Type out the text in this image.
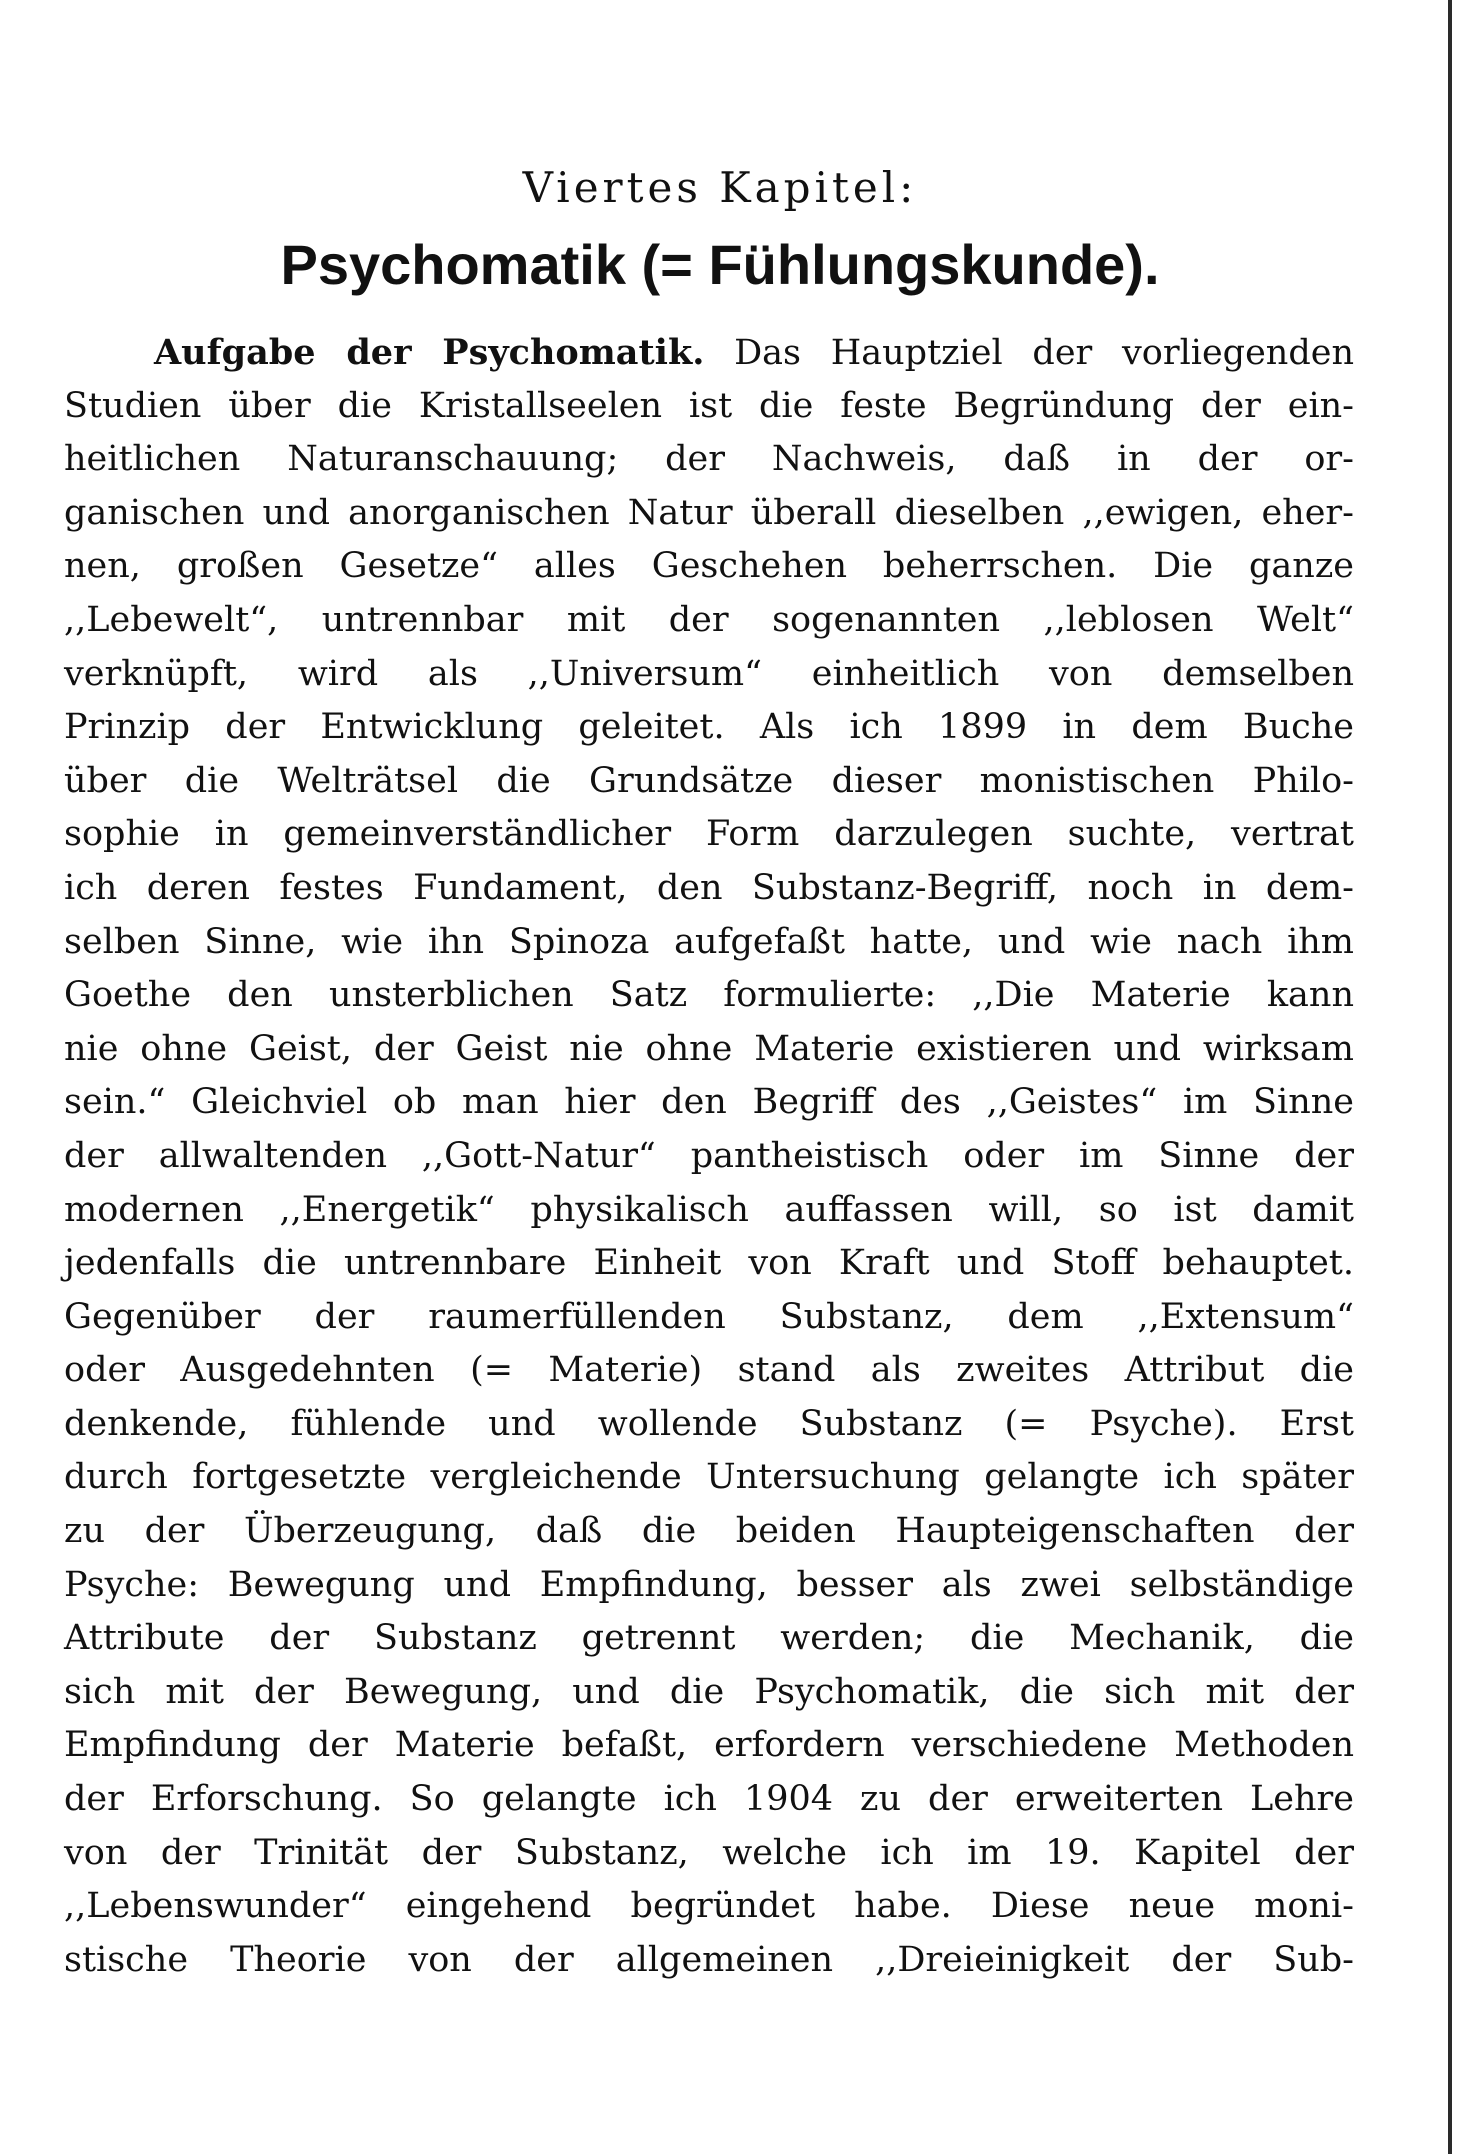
Viertes Kapitel:
Psychomatik (= Fühlungskunde).
Aufgabe der Psychomatik. Das Hauptziel der vorliegenden
Studien über die Kristallseelen ist die feste Begründung der ein-
heitlichen Naturanschauung; der Nachweis, daß in der or-
ganischen und anorganischen Natur überall dieselben ,,ewigen, eher-
nen, großen Gesetze“ alles Geschehen beherrschen. Die ganze
,,Lebewelt“, untrennbar mit der sogenannten ,,leblosen Welt“
verknüpft, wird als ,,Universum“ einheitlich von demselben
Prinzip der Entwicklung geleitet. Als ich 1899 in dem Buche
über die Welträtsel die Grundsätze dieser monistischen Philo-
sophie in gemeinverständlicher Form darzulegen suchte, vertrat
ich deren festes Fundament, den Substanz-Begriff, noch in dem-
selben Sinne, wie ihn Spinoza aufgefaßt hatte, und wie nach ihm
Goethe den unsterblichen Satz formulierte: ,,Die Materie kann
nie ohne Geist, der Geist nie ohne Materie existieren und wirksam
sein.“ Gleichviel ob man hier den Begriff des ,,Geistes“ im Sinne
der allwaltenden ,,Gott-Natur“ pantheistisch oder im Sinne der
modernen ,,Energetik“ physikalisch auffassen will, so ist damit
jedenfalls die untrennbare Einheit von Kraft und Stoff behauptet.
Gegenüber der raumerfüllenden Substanz, dem ,,Extensum“
oder Ausgedehnten (= Materie) stand als zweites Attribut die
denkende, fühlende und wollende Substanz (= Psyche). Erst
durch fortgesetzte vergleichende Untersuchung gelangte ich später
zu der Überzeugung, daß die beiden Haupteigenschaften der
Psyche: Bewegung und Empfindung, besser als zwei selbständige
Attribute der Substanz getrennt werden; die Mechanik, die
sich mit der Bewegung, und die Psychomatik, die sich mit der
Empfindung der Materie befaßt, erfordern verschiedene Methoden
der Erforschung. So gelangte ich 1904 zu der erweiterten Lehre
von der Trinität der Substanz, welche ich im 19. Kapitel der
,,Lebenswunder“ eingehend begründet habe. Diese neue moni-
stische Theorie von der allgemeinen ,,Dreieinigkeit der Sub-
